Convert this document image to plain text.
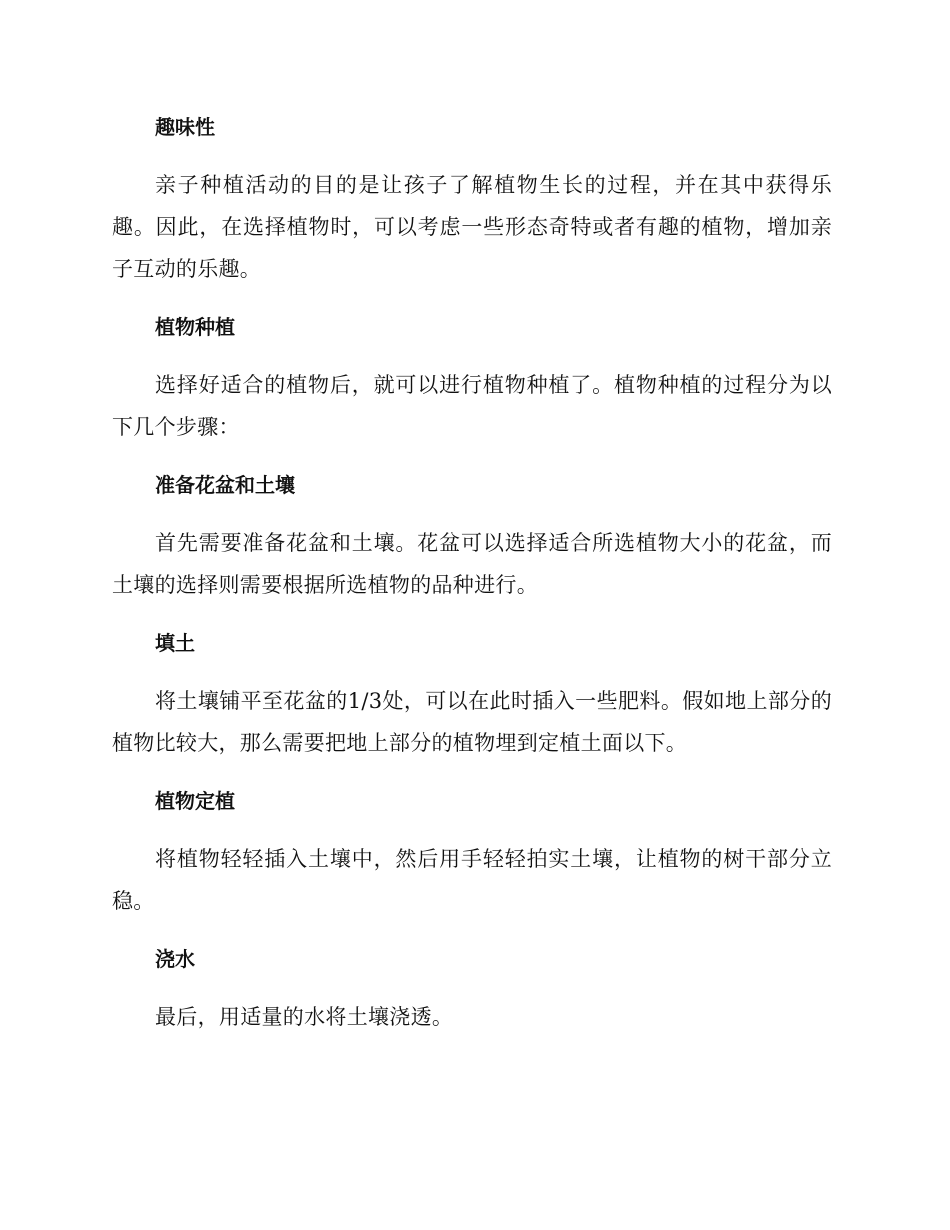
趣味性

亲子种植活动的目的是让孩子了解植物生长的过程，并在其中获得乐趣。因此，在选择植物时，可以考虑一些形态奇特或者有趣的植物，增加亲子互动的乐趣。

植物种植

选择好适合的植物后，就可以进行植物种植了。植物种植的过程分为以下几个步骤：

准备花盆和土壤

首先需要准备花盆和土壤。花盆可以选择适合所选植物大小的花盆，而土壤的选择则需要根据所选植物的品种进行。

填土

将土壤铺平至花盆的1/3处，可以在此时插入一些肥料。假如地上部分的植物比较大，那么需要把地上部分的植物埋到定植土面以下。

植物定植

将植物轻轻插入土壤中，然后用手轻轻拍实土壤，让植物的树干部分立稳。

浇水

最后，用适量的水将土壤浇透。
